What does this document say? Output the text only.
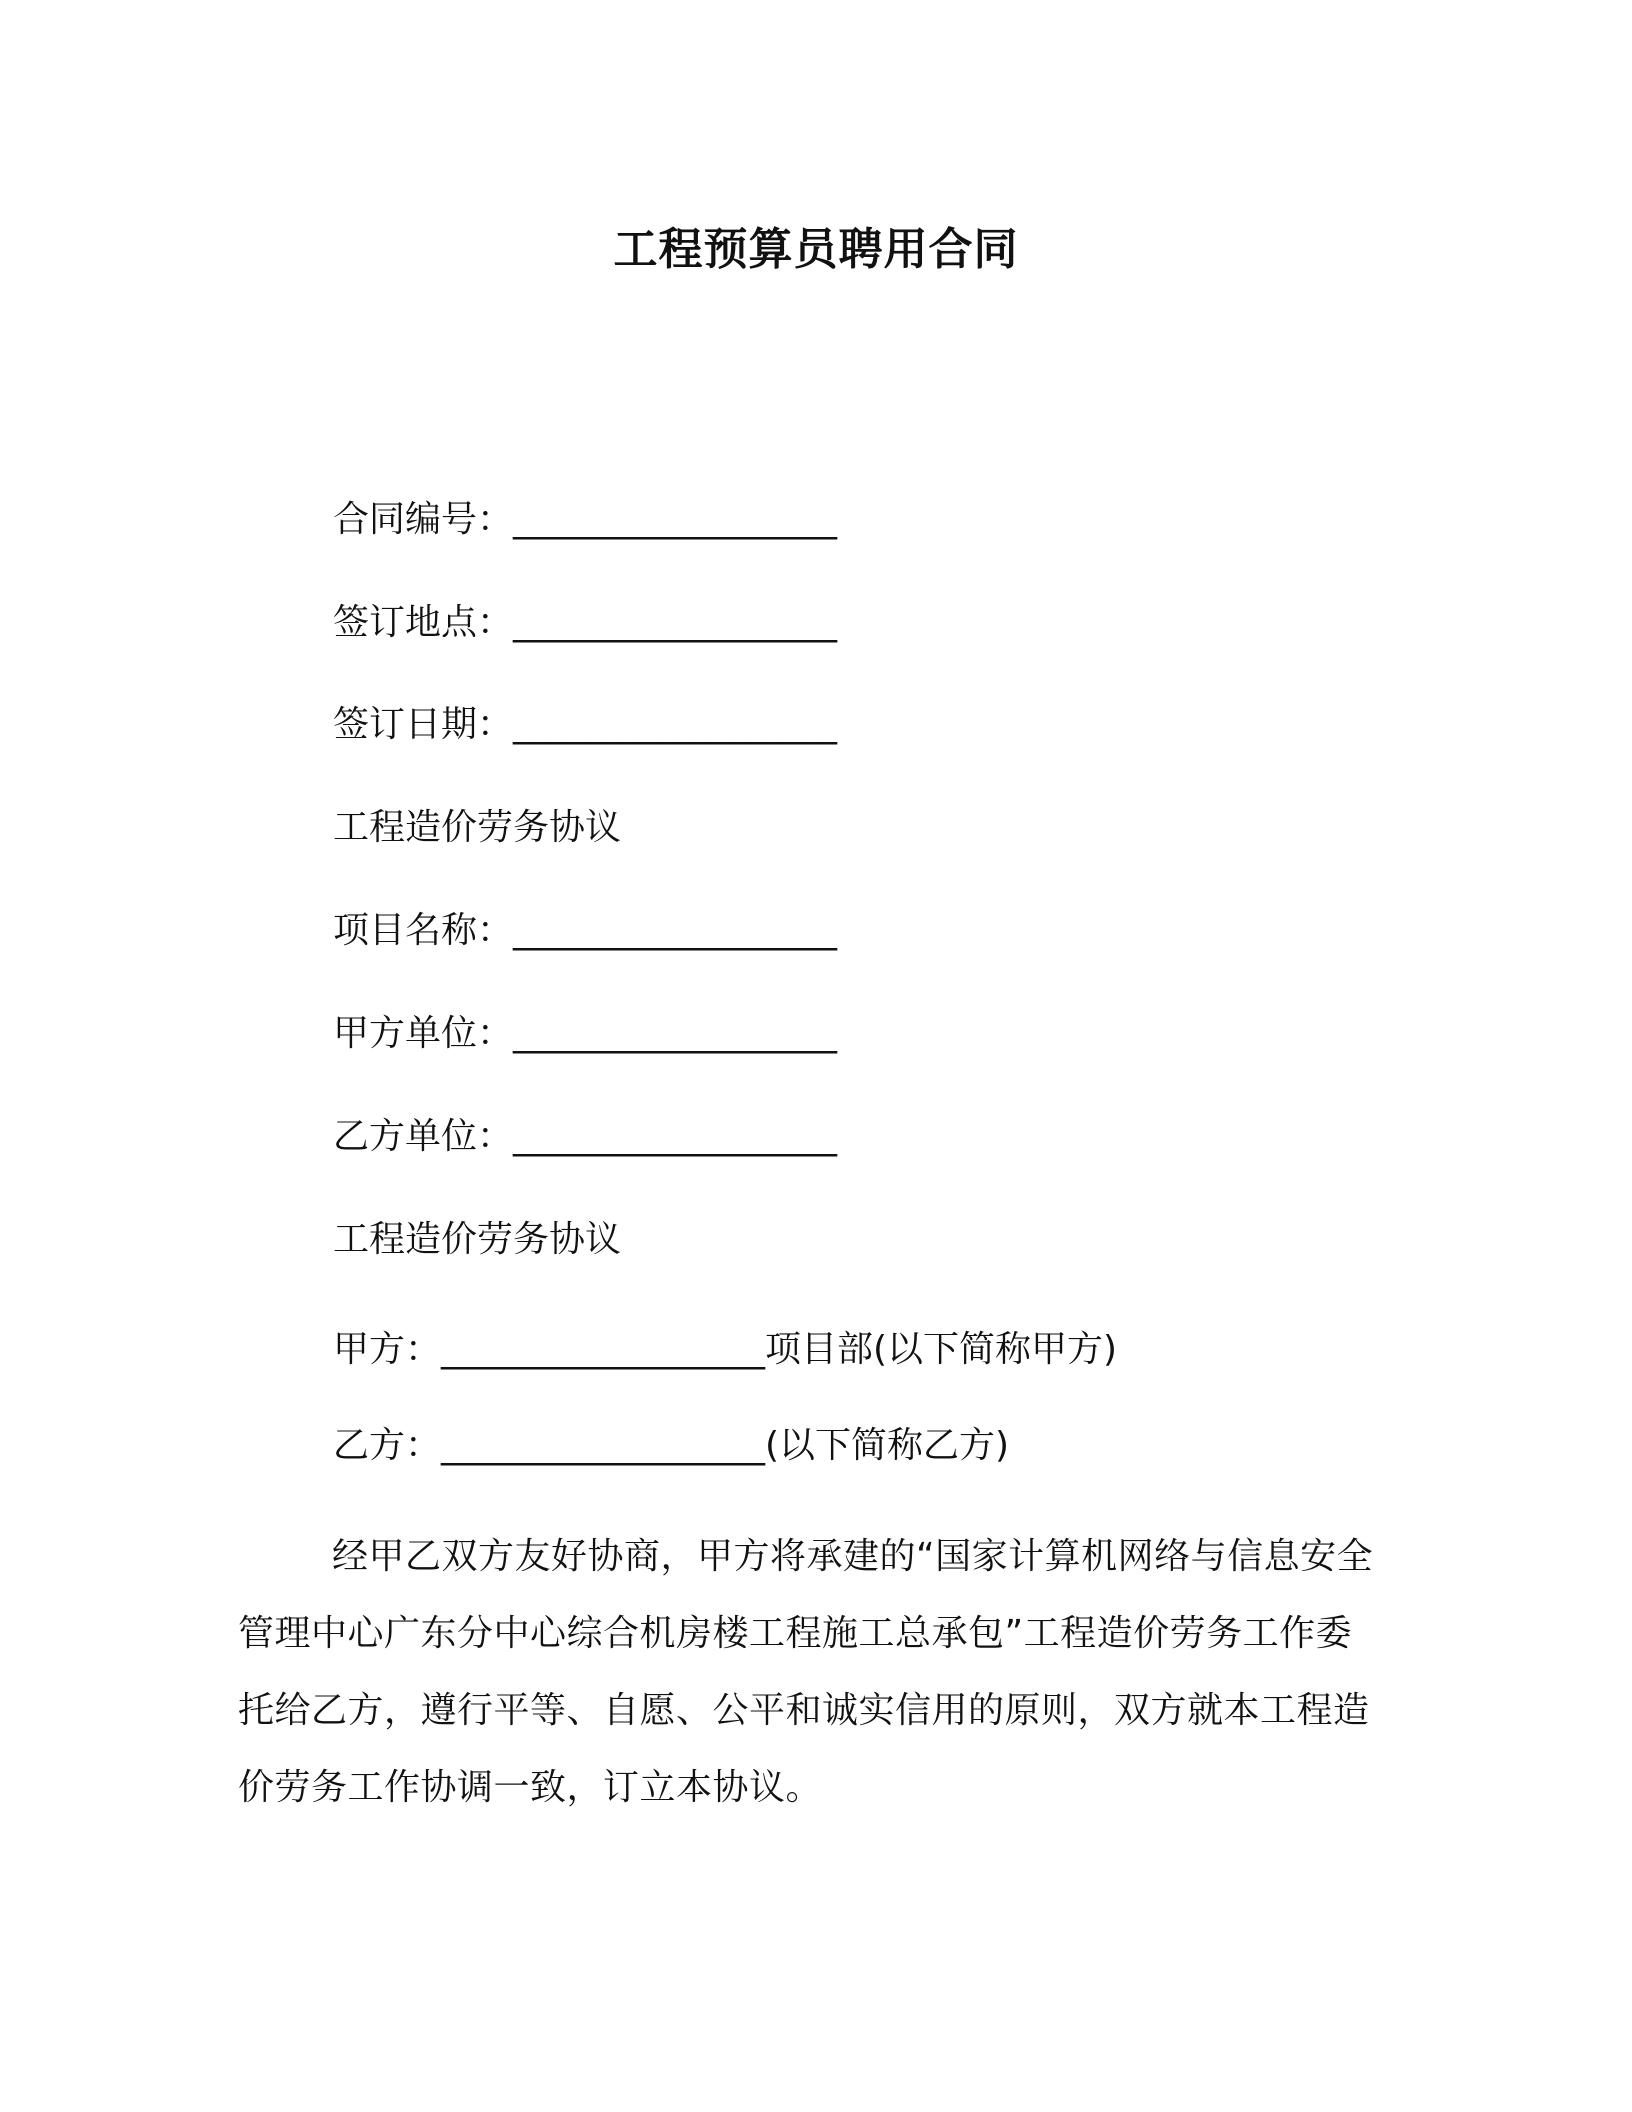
工程预算员聘用合同
合同编号：__________________
签订地点：__________________
签订日期：__________________
工程造价劳务协议
项目名称：__________________
甲方单位：__________________
乙方单位：__________________
工程造价劳务协议
甲方：__________________项目部(以下简称甲方)
乙方：__________________(以下简称乙方)
经甲乙双方友好协商，甲方将承建的“国家计算机网络与信息安全管理中心广东分中心综合机房楼工程施工总承包”工程造价劳务工作委托给乙方，遵行平等、自愿、公平和诚实信用的原则，双方就本工程造价劳务工作协调一致，订立本协议。
